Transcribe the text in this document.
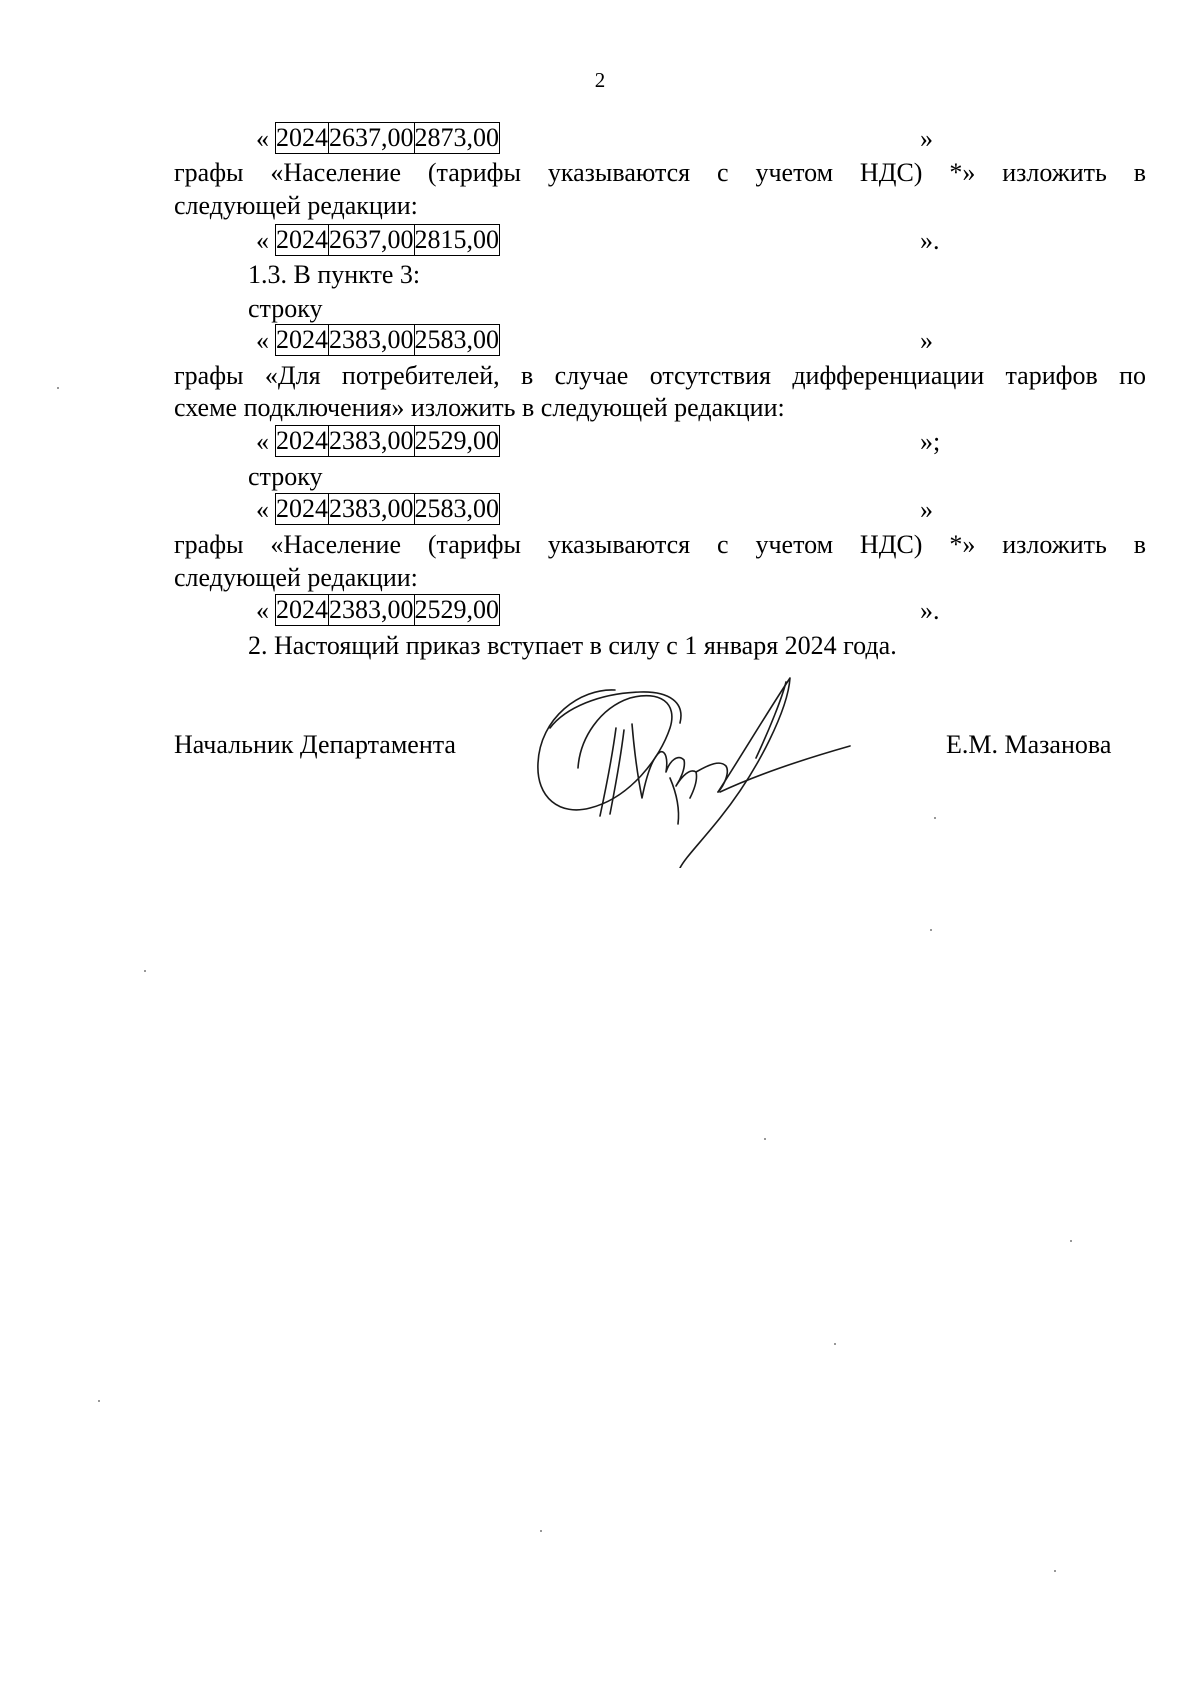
2
« 2024	2637,00	2873,00	»
графы «Население (тарифы указываются с учетом НДС) *» изложить в
следующей редакции:
« 2024	2637,00	2815,00	».
1.3. В пункте 3:
строку
« 2024	2383,00	2583,00	»
графы «Для потребителей, в случае отсутствия дифференциации тарифов по
схеме подключения» изложить в следующей редакции:
« 2024	2383,00	2529,00	»;
строку
« 2024	2383,00	2583,00	»
графы «Население (тарифы указываются с учетом НДС) *» изложить в
следующей редакции:
« 2024	2383,00	2529,00	».
2. Настоящий приказ вступает в силу с 1 января 2024 года.
Начальник Департамента	Е.М. Мазанова
